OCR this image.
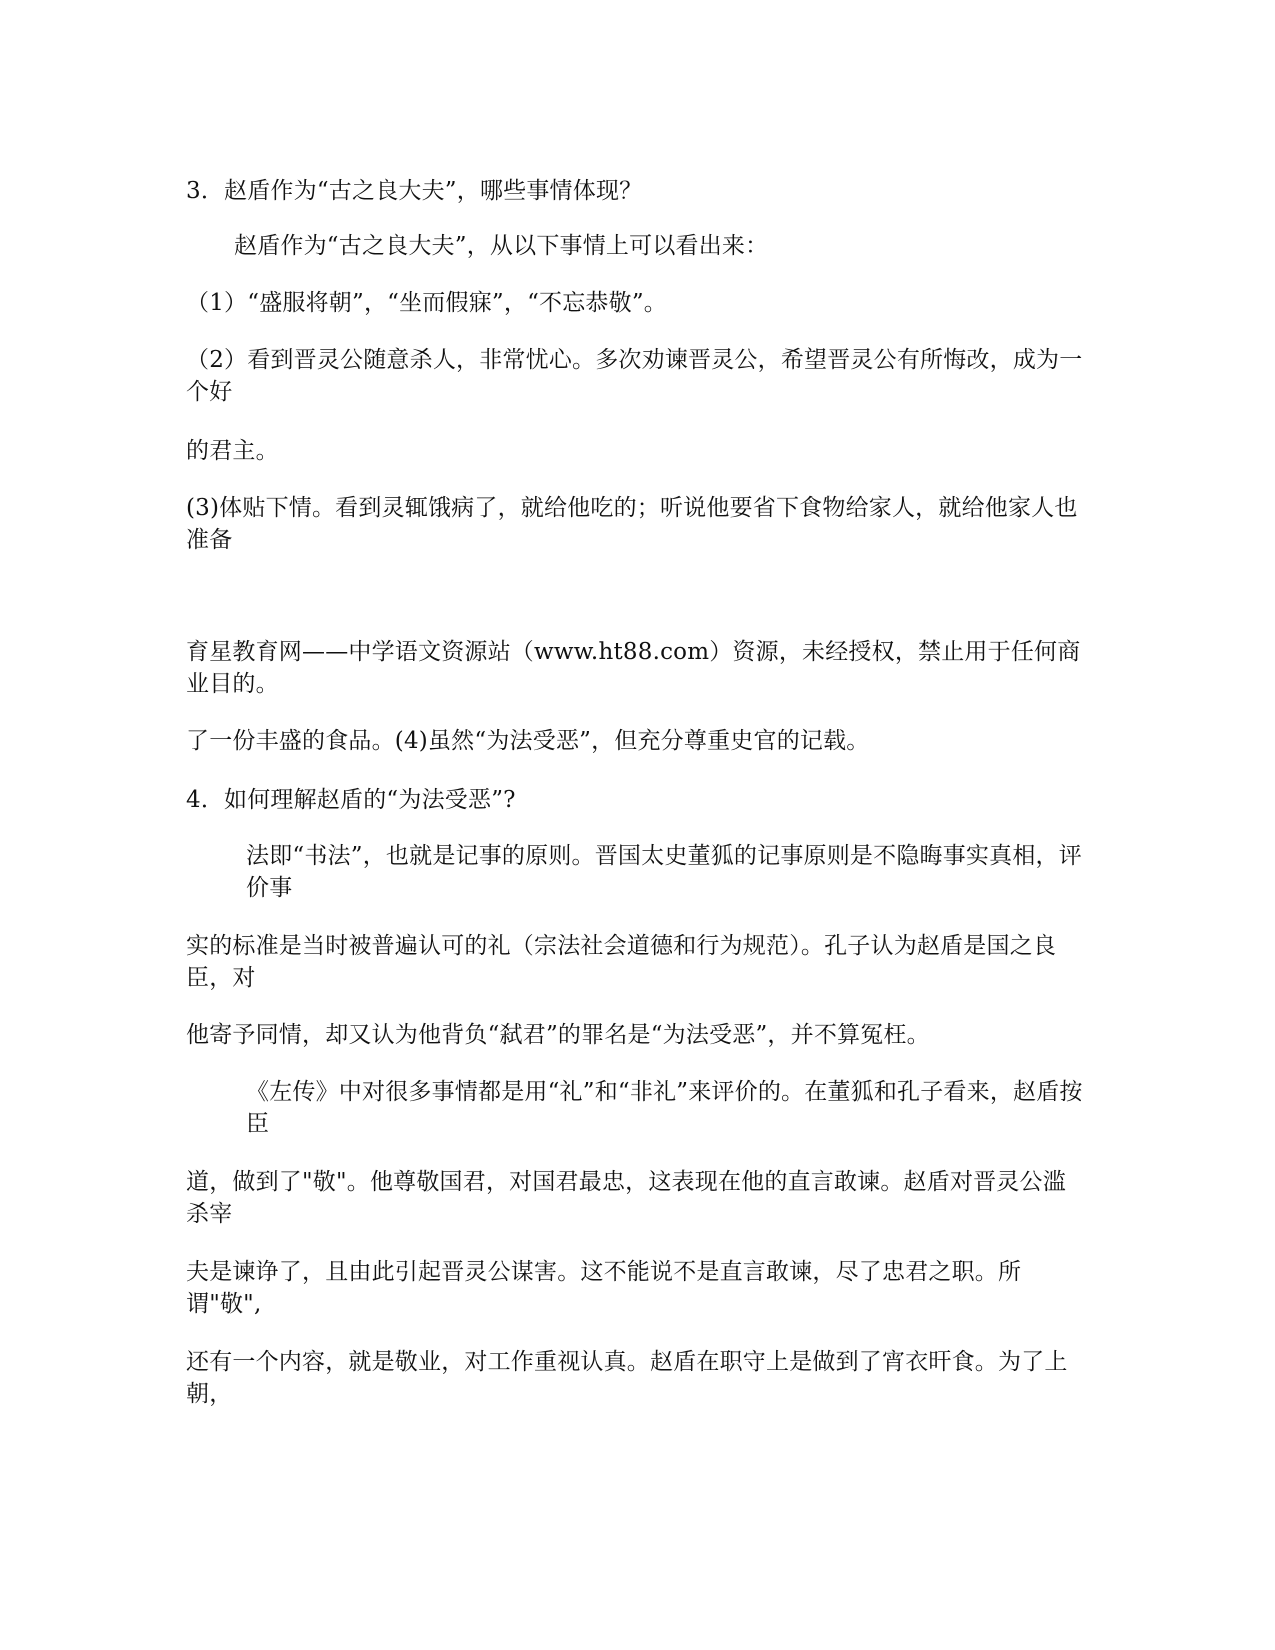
3．赵盾作为“古之良大夫”，哪些事情体现？

赵盾作为“古之良大夫”，从以下事情上可以看出来：

（1）“盛服将朝”，“坐而假寐”，“不忘恭敬”。

（2）看到晋灵公随意杀人，非常忧心。多次劝谏晋灵公，希望晋灵公有所悔改，成为一个好

的君主。

(3)体贴下情。看到灵辄饿病了，就给他吃的；听说他要省下食物给家人，就给他家人也准备

育星教育网——中学语文资源站（www.ht88.com）资源，未经授权，禁止用于任何商业目的。

了一份丰盛的食品。(4)虽然“为法受恶”，但充分尊重史官的记载。

4．如何理解赵盾的“为法受恶”?

法即“书法”，也就是记事的原则。晋国太史董狐的记事原则是不隐晦事实真相，评价事

实的标准是当时被普遍认可的礼（宗法社会道德和行为规范）。孔子认为赵盾是国之良臣，对

他寄予同情，却又认为他背负“弑君”的罪名是“为法受恶”，并不算冤枉。

《左传》中对很多事情都是用“礼”和“非礼”来评价的。在董狐和孔子看来，赵盾按臣

道，做到了"敬"。他尊敬国君，对国君最忠，这表现在他的直言敢谏。赵盾对晋灵公滥杀宰

夫是谏诤了，且由此引起晋灵公谋害。这不能说不是直言敢谏，尽了忠君之职。所谓"敬",

还有一个内容，就是敬业，对工作重视认真。赵盾在职守上是做到了宵衣旰食。为了上朝，
